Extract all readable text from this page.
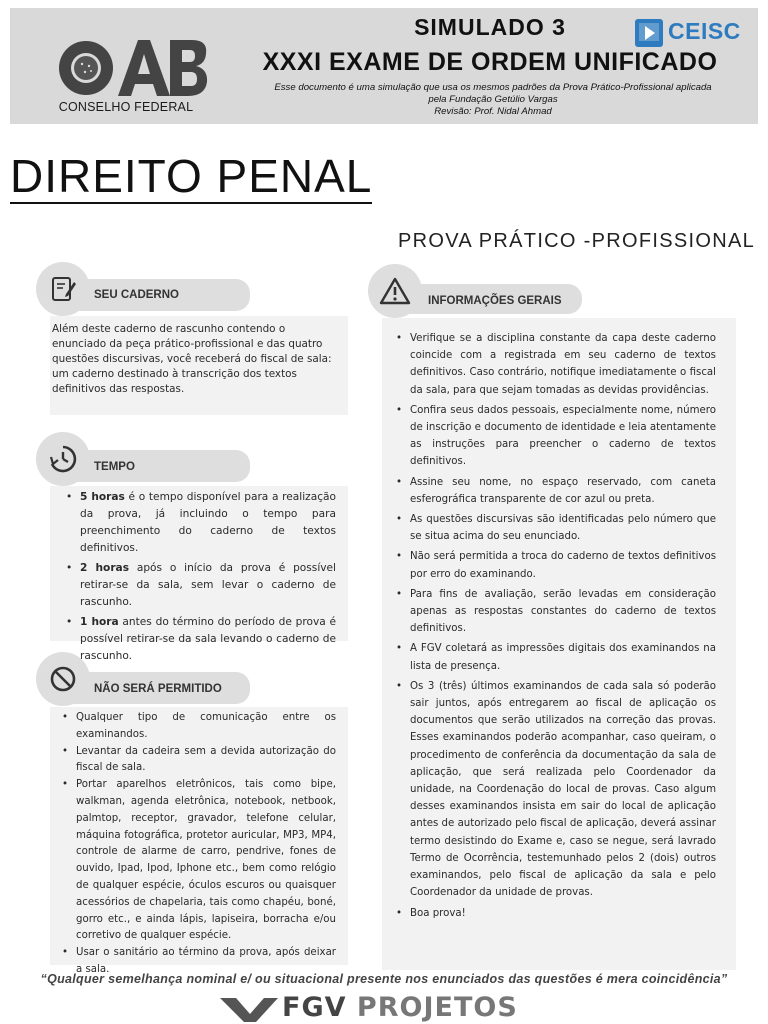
CONSELHO FEDERAL
SIMULADO 3
XXXI EXAME DE ORDEM UNIFICADO
Esse documento é uma simulação que usa os mesmos padrões da Prova Prático-Profissional aplicada
pela Fundação Getúlio Vargas
Revisão: Prof. Nidal Ahmad
CEISC
DIREITO PENAL
PROVA PRÁTICO -PROFISSIONAL
SEU CADERNO

Além deste caderno de rascunho contendo o enunciado da peça prático-profissional e das quatro questões discursivas, você receberá do fiscal de sala: um caderno destinado à transcrição dos textos definitivos das respostas.

TEMPO
• 5 horas é o tempo disponível para a realização da prova, já incluindo o tempo para preenchimento do caderno de textos definitivos.
• 2 horas após o início da prova é possível retirar-se da sala, sem levar o caderno de rascunho.
• 1 hora antes do término do período de prova é possível retirar-se da sala levando o caderno de rascunho.
NÃO SERÁ PERMITIDO
• Qualquer tipo de comunicação entre os examinandos.
• Levantar da cadeira sem a devida autorização do fiscal de sala.
• Portar aparelhos eletrônicos, tais como bipe, walkman, agenda eletrônica, notebook, netbook, palmtop, receptor, gravador, telefone celular, máquina fotográfica, protetor auricular, MP3, MP4, controle de alarme de carro, pendrive, fones de ouvido, Ipad, Ipod, Iphone etc., bem como relógio de qualquer espécie, óculos escuros ou quaisquer acessórios de chapelaria, tais como chapéu, boné, gorro etc., e ainda lápis, lapiseira, borracha e/ou corretivo de qualquer espécie.
• Usar o sanitário ao término da prova, após deixar a sala.
INFORMAÇÕES GERAIS
• Verifique se a disciplina constante da capa deste caderno coincide com a registrada em seu caderno de textos definitivos. Caso contrário, notifique imediatamente o fiscal da sala, para que sejam tomadas as devidas providências.
• Confira seus dados pessoais, especialmente nome, número de inscrição e documento de identidade e leia atentamente as instruções para preencher o caderno de textos definitivos.
• Assine seu nome, no espaço reservado, com caneta esferográfica transparente de cor azul ou preta.
• As questões discursivas são identificadas pelo número que se situa acima do seu enunciado.
• Não será permitida a troca do caderno de textos definitivos por erro do examinando.
• Para fins de avaliação, serão levadas em consideração apenas as respostas constantes do caderno de textos definitivos.
• A FGV coletará as impressões digitais dos examinandos na lista de presença.
• Os 3 (três) últimos examinandos de cada sala só poderão sair juntos, após entregarem ao fiscal de aplicação os documentos que serão utilizados na correção das provas. Esses examinandos poderão acompanhar, caso queiram, o procedimento de conferência da documentação da sala de aplicação, que será realizada pelo Coordenador da unidade, na Coordenação do local de provas. Caso algum desses examinandos insista em sair do local de aplicação antes de autorizado pelo fiscal de aplicação, deverá assinar termo desistindo do Exame e, caso se negue, será lavrado Termo de Ocorrência, testemunhado pelos 2 (dois) outros examinandos, pelo fiscal de aplicação da sala e pelo Coordenador da unidade de provas.
• Boa prova!
“Qualquer semelhança nominal e/ ou situacional presente nos enunciados das questões é mera coincidência”
FGV PROJETOS
